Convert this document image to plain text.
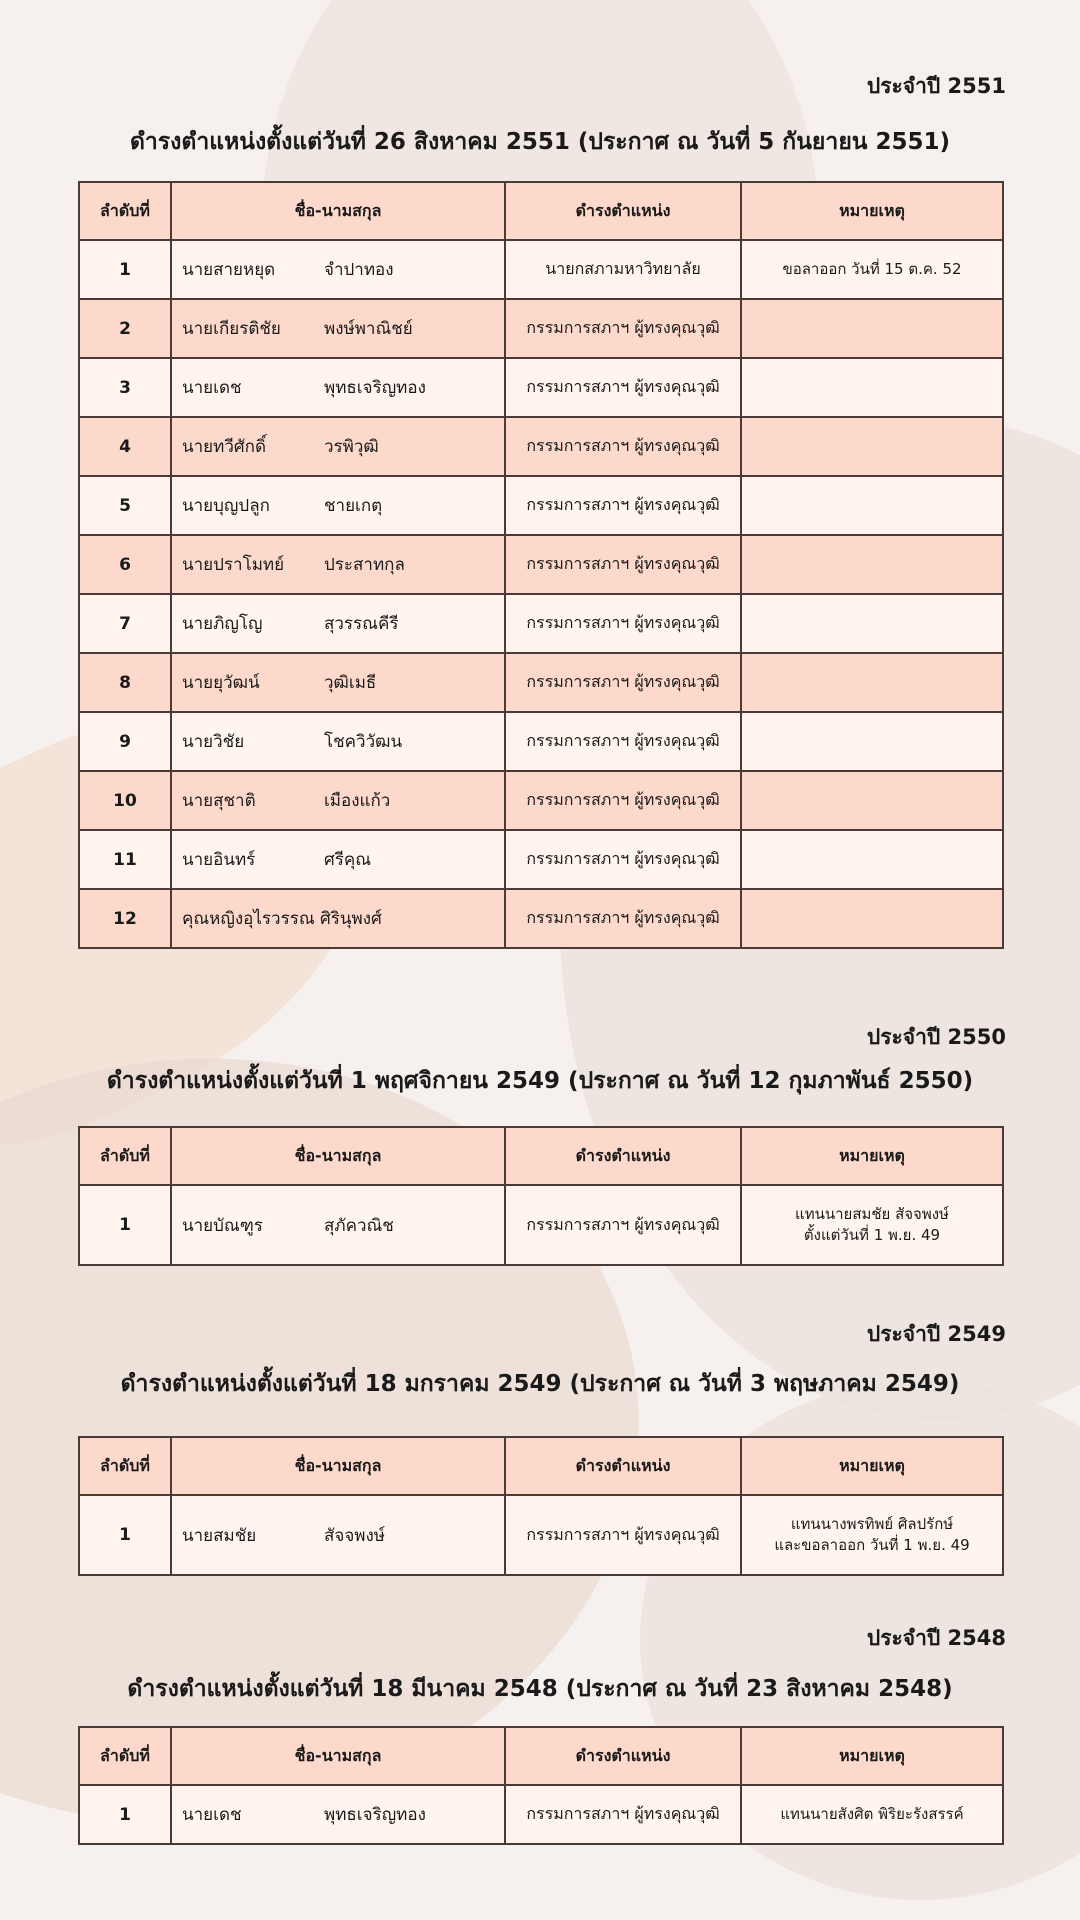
ประจำปี 2551

ดำรงตำแหน่งตั้งแต่วันที่ 26 สิงหาคม 2551 (ประกาศ ณ วันที่ 5 กันยายน 2551)

ลำดับที่	ชื่อ-นามสกุล	ดำรงตำแหน่ง	หมายเหตุ
1	นายสายหยุด จำปาทอง	นายกสภามหาวิทยาลัย	ขอลาออก วันที่ 15 ต.ค. 52
2	นายเกียรติชัย พงษ์พาณิชย์	กรรมการสภาฯ ผู้ทรงคุณวุฒิ	
3	นายเดช พุทธเจริญทอง	กรรมการสภาฯ ผู้ทรงคุณวุฒิ	
4	นายทวีศักดิ์ วรพิวุฒิ	กรรมการสภาฯ ผู้ทรงคุณวุฒิ	
5	นายบุญปลูก ชายเกตุ	กรรมการสภาฯ ผู้ทรงคุณวุฒิ	
6	นายปราโมทย์ ประสาทกุล	กรรมการสภาฯ ผู้ทรงคุณวุฒิ	
7	นายภิญโญ สุวรรณคีรี	กรรมการสภาฯ ผู้ทรงคุณวุฒิ	
8	นายยุวัฒน์ วุฒิเมธี	กรรมการสภาฯ ผู้ทรงคุณวุฒิ	
9	นายวิชัย โชควิวัฒน	กรรมการสภาฯ ผู้ทรงคุณวุฒิ	
10	นายสุชาติ เมืองแก้ว	กรรมการสภาฯ ผู้ทรงคุณวุฒิ	
11	นายอินทร์ ศรีคุณ	กรรมการสภาฯ ผู้ทรงคุณวุฒิ	
12	คุณหญิงอุไรวรรณ ศิรินุพงศ์	กรรมการสภาฯ ผู้ทรงคุณวุฒิ	

ประจำปี 2550

ดำรงตำแหน่งตั้งแต่วันที่ 1 พฤศจิกายน 2549 (ประกาศ ณ วันที่ 12 กุมภาพันธ์ 2550)

ลำดับที่	ชื่อ-นามสกุล	ดำรงตำแหน่ง	หมายเหตุ
1	นายบัณฑูร สุภัควณิช	กรรมการสภาฯ ผู้ทรงคุณวุฒิ	แทนนายสมชัย สัจจพงษ์
ตั้งแต่วันที่ 1 พ.ย. 49

ประจำปี 2549

ดำรงตำแหน่งตั้งแต่วันที่ 18 มกราคม 2549 (ประกาศ ณ วันที่ 3 พฤษภาคม 2549)

ลำดับที่	ชื่อ-นามสกุล	ดำรงตำแหน่ง	หมายเหตุ
1	นายสมชัย สัจจพงษ์	กรรมการสภาฯ ผู้ทรงคุณวุฒิ	แทนนางพรทิพย์ ศิลปรักษ์
และขอลาออก วันที่ 1 พ.ย. 49

ประจำปี 2548

ดำรงตำแหน่งตั้งแต่วันที่ 18 มีนาคม 2548 (ประกาศ ณ วันที่ 23 สิงหาคม 2548)

ลำดับที่	ชื่อ-นามสกุล	ดำรงตำแหน่ง	หมายเหตุ
1	นายเดช พุทธเจริญทอง	กรรมการสภาฯ ผู้ทรงคุณวุฒิ	แทนนายสังศิต พิริยะรังสรรค์
